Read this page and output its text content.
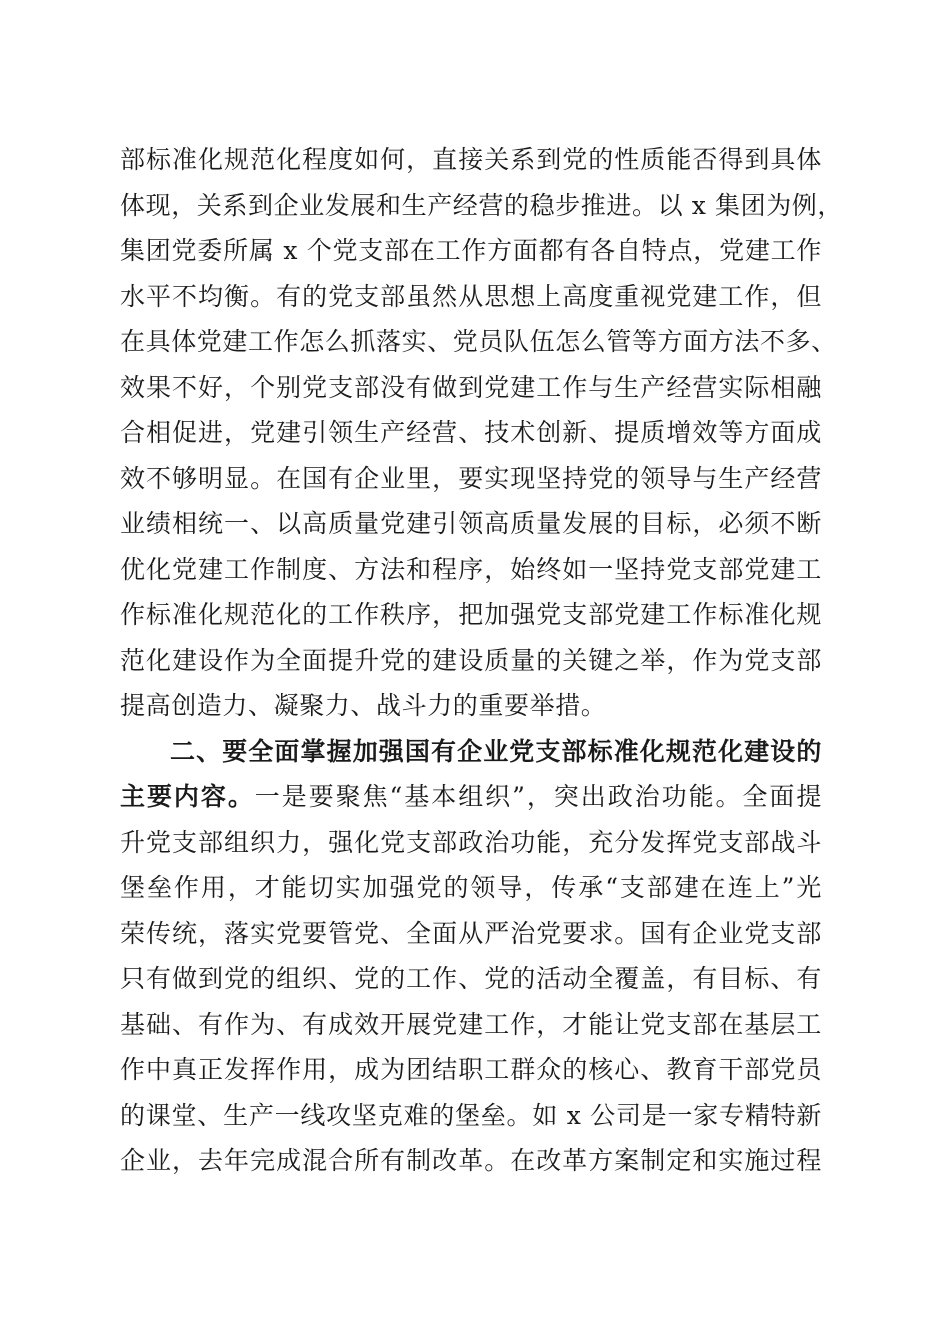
部标准化规范化程度如何，直接关系到党的性质能否得到具体
体现，关系到企业发展和生产经营的稳步推进。以 x 集团为例，
集团党委所属 x 个党支部在工作方面都有各自特点，党建工作
水平不均衡。有的党支部虽然从思想上高度重视党建工作，但
在具体党建工作怎么抓落实、党员队伍怎么管等方面方法不多、
效果不好，个别党支部没有做到党建工作与生产经营实际相融
合相促进，党建引领生产经营、技术创新、提质增效等方面成
效不够明显。在国有企业里，要实现坚持党的领导与生产经营
业绩相统一、以高质量党建引领高质量发展的目标，必须不断
优化党建工作制度、方法和程序，始终如一坚持党支部党建工
作标准化规范化的工作秩序，把加强党支部党建工作标准化规
范化建设作为全面提升党的建设质量的关键之举，作为党支部
提高创造力、凝聚力、战斗力的重要举措。
二、要全面掌握加强国有企业党支部标准化规范化建设的
主要内容。一是要聚焦“基本组织”，突出政治功能。全面提
升党支部组织力，强化党支部政治功能，充分发挥党支部战斗
堡垒作用，才能切实加强党的领导，传承“支部建在连上”光
荣传统，落实党要管党、全面从严治党要求。国有企业党支部
只有做到党的组织、党的工作、党的活动全覆盖，有目标、有
基础、有作为、有成效开展党建工作，才能让党支部在基层工
作中真正发挥作用，成为团结职工群众的核心、教育干部党员
的课堂、生产一线攻坚克难的堡垒。如 x 公司是一家专精特新
企业，去年完成混合所有制改革。在改革方案制定和实施过程
